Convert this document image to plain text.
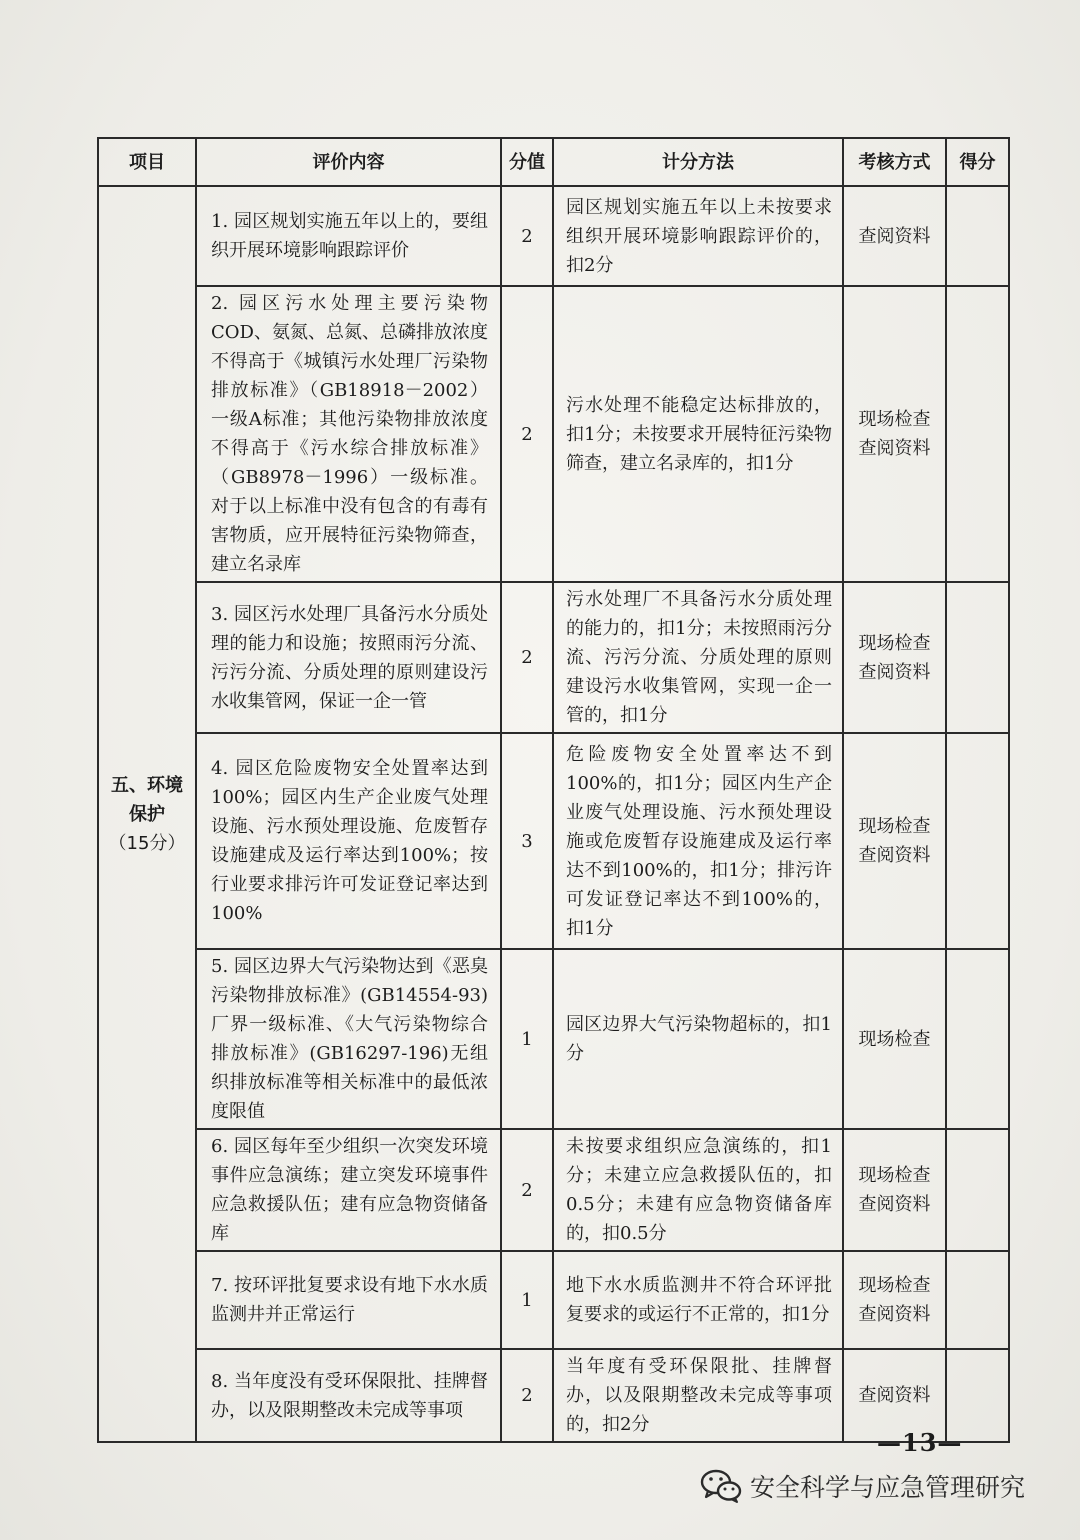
项目	评价内容	分值	计分方法	考核方式	得分

五、环境
保护
（15分）	1. 园区规划实施五年以上的，要组织开展环境影响跟踪评价	2	园区规划实施五年以上未按要求组织开展环境影响跟踪评价的，扣2分	查阅资料	

	2. 园区污水处理主要污染物COD、氨氮、总氮、总磷排放浓度不得高于《城镇污水处理厂污染物排放标准》（GB18918－2002）一级A标准；其他污染物排放浓度不得高于《污水综合排放标准》（GB8978－1996）一级标准。对于以上标准中没有包含的有毒有害物质，应开展特征污染物筛查，建立名录库	2	污水处理不能稳定达标排放的，扣1分；未按要求开展特征污染物筛查，建立名录库的，扣1分	现场检查
查阅资料	

	3. 园区污水处理厂具备污水分质处理的能力和设施；按照雨污分流、污污分流、分质处理的原则建设污水收集管网，保证一企一管	2	污水处理厂不具备污水分质处理的能力的，扣1分；未按照雨污分流、污污分流、分质处理的原则建设污水收集管网，实现一企一管的，扣1分	现场检查
查阅资料	

	4. 园区危险废物安全处置率达到100%；园区内生产企业废气处理设施、污水预处理设施、危废暂存设施建成及运行率达到100%；按行业要求排污许可发证登记率达到100%	3	危险废物安全处置率达不到100%的，扣1分；园区内生产企业废气处理设施、污水预处理设施或危废暂存设施建成及运行率达不到100%的，扣1分；排污许可发证登记率达不到100%的，扣1分	现场检查
查阅资料	

	5. 园区边界大气污染物达到《恶臭污染物排放标准》(GB14554-93)厂界一级标准、《大气污染物综合排放标准》(GB16297-196)无组织排放标准等相关标准中的最低浓度限值	1	园区边界大气污染物超标的，扣1分	现场检查	

	6. 园区每年至少组织一次突发环境事件应急演练；建立突发环境事件应急救援队伍；建有应急物资储备库	2	未按要求组织应急演练的，扣1分；未建立应急救援队伍的，扣0.5分；未建有应急物资储备库的，扣0.5分	现场检查
查阅资料	

	7. 按环评批复要求设有地下水水质监测井并正常运行	1	地下水水质监测井不符合环评批复要求的或运行不正常的，扣1分	现场检查
查阅资料	

	8. 当年度没有受环保限批、挂牌督办，以及限期整改未完成等事项	2	当年度有受环保限批、挂牌督办，以及限期整改未完成等事项的，扣2分	查阅资料	

—13—
安全科学与应急管理研究
